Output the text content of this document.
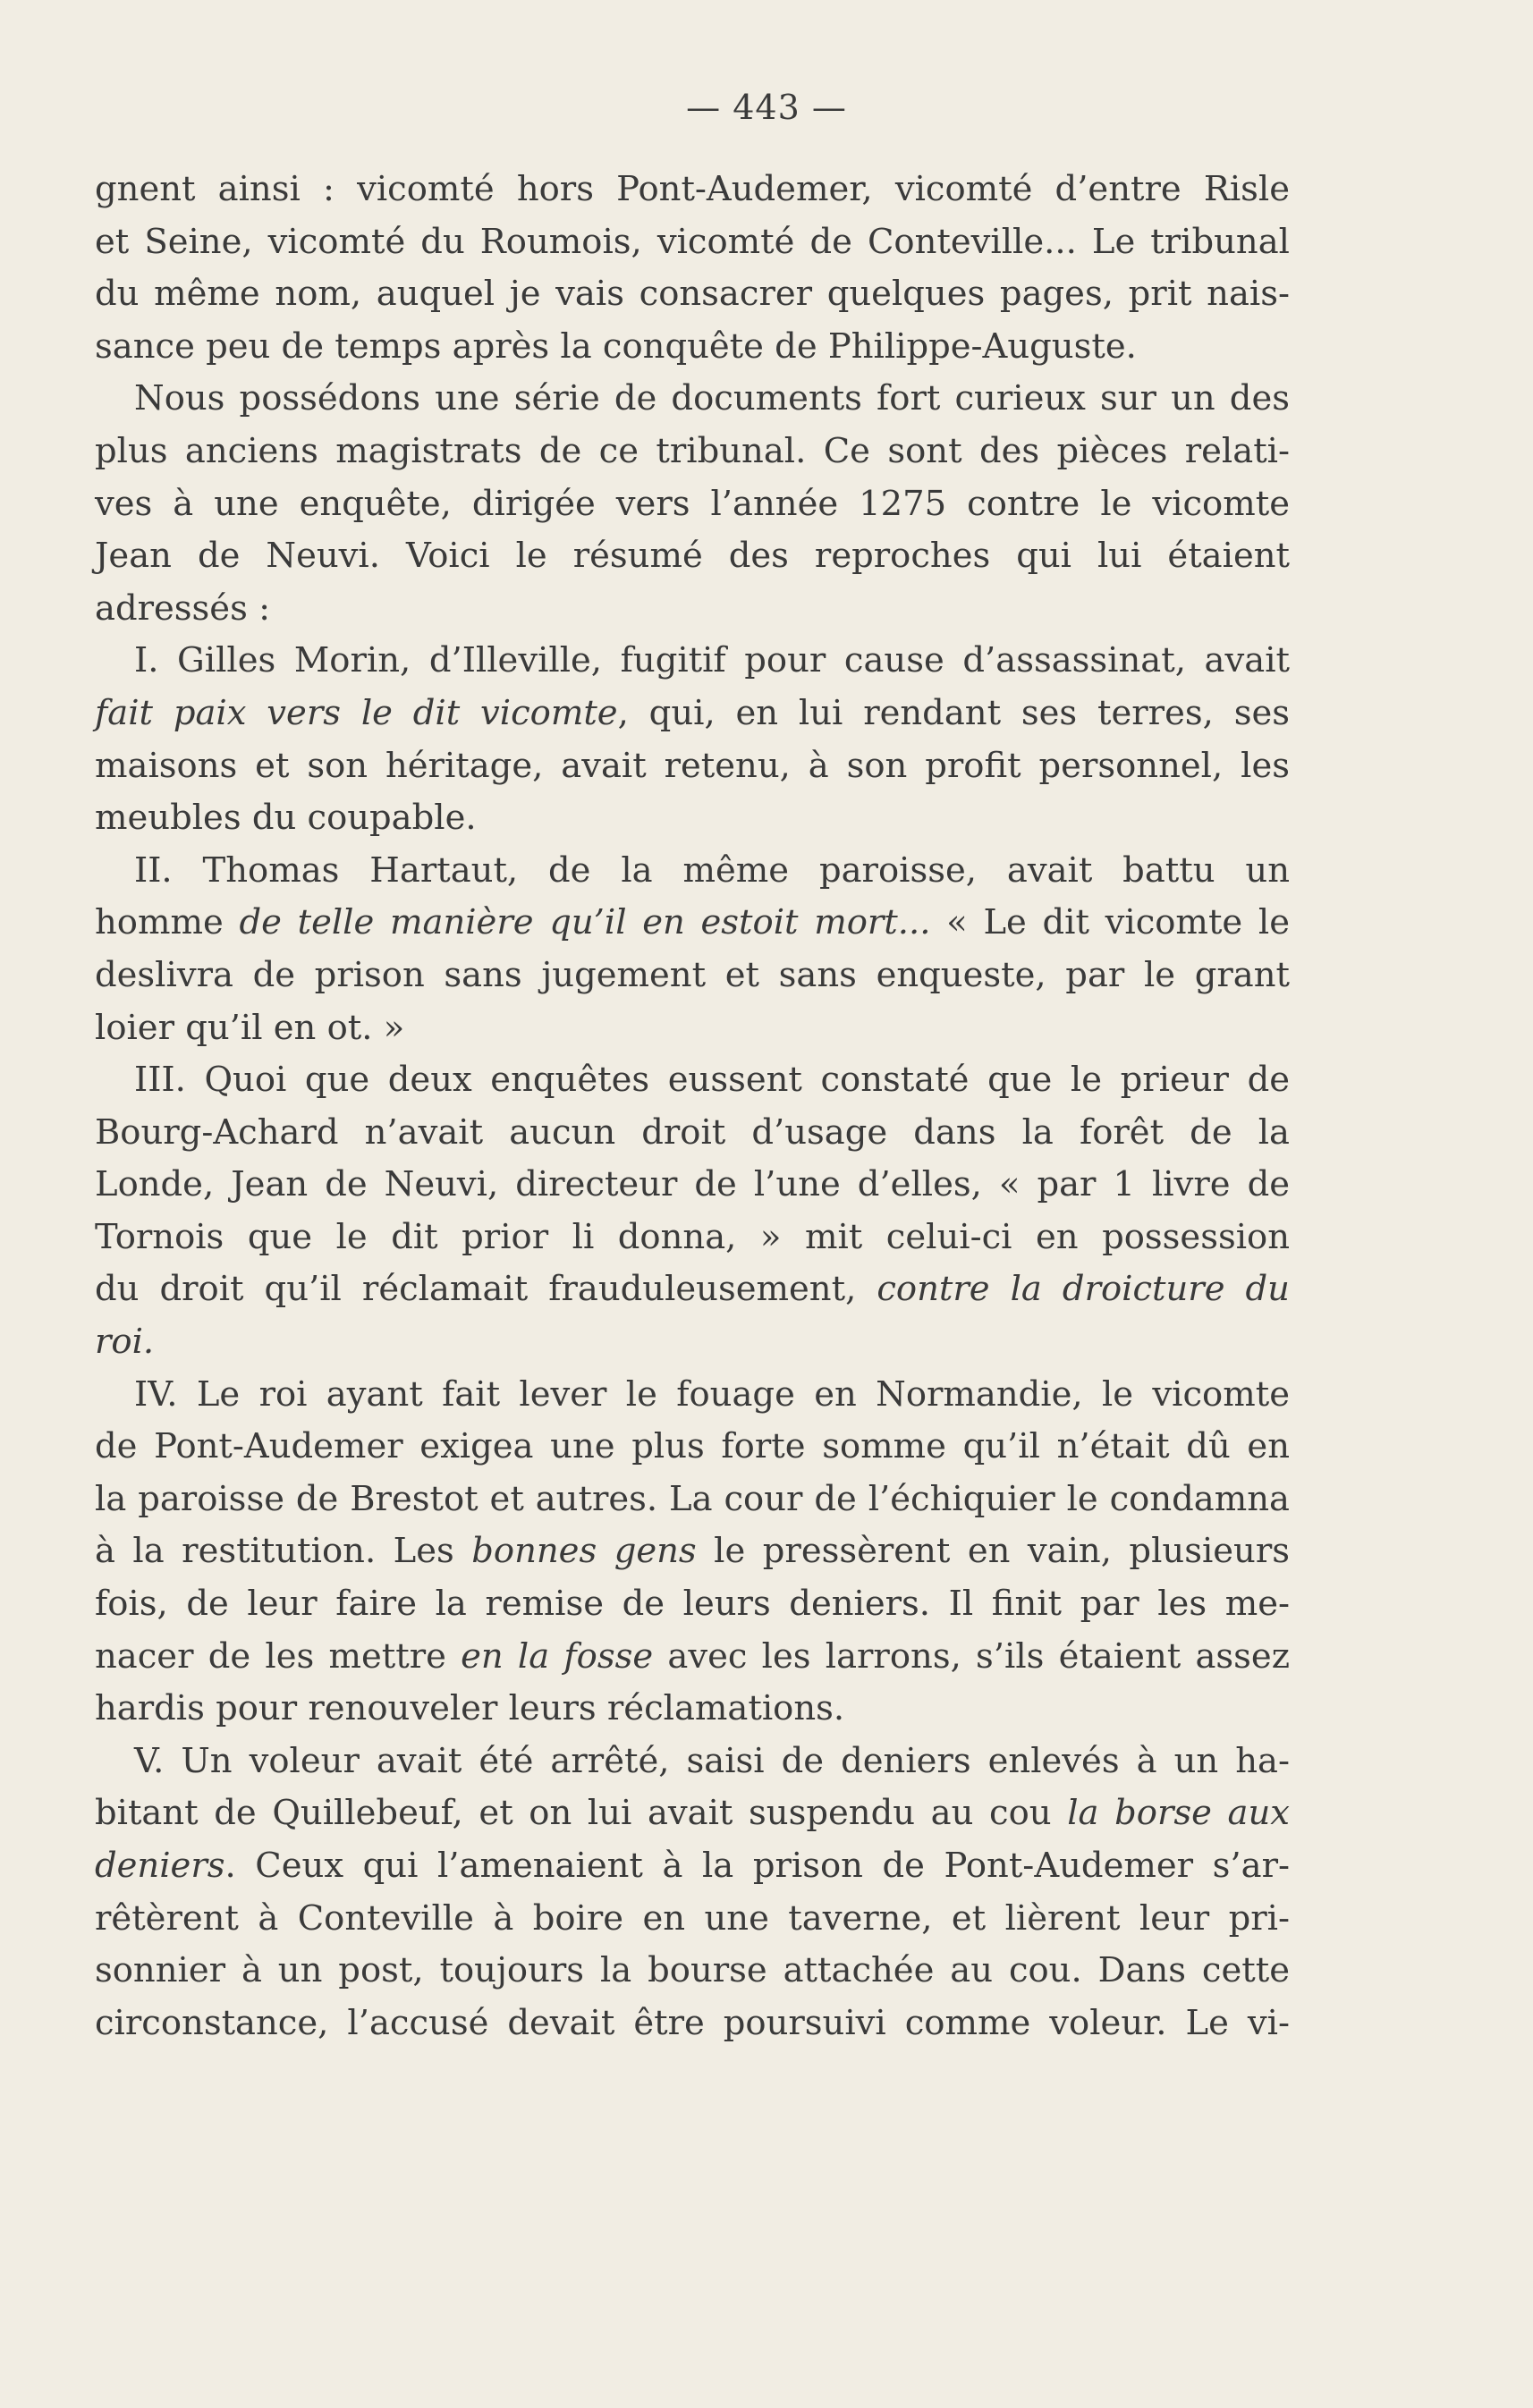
— 443 —
gnent ainsi : vicomté hors Pont-Audemer, vicomté d’entre Risle
et Seine, vicomté du Roumois, vicomté de Conteville... Le tribunal
du même nom, auquel je vais consacrer quelques pages, prit nais-
sance peu de temps après la conquête de Philippe-Auguste.
Nous possédons une série de documents fort curieux sur un des
plus anciens magistrats de ce tribunal. Ce sont des pièces relati-
ves à une enquête, dirigée vers l’année 1275 contre le vicomte
Jean de Neuvi. Voici le résumé des reproches qui lui étaient
adressés :
I. Gilles Morin, d’Illeville, fugitif pour cause d’assassinat, avait
fait paix vers le dit vicomte, qui, en lui rendant ses terres, ses
maisons et son héritage, avait retenu, à son profit personnel, les
meubles du coupable.
II. Thomas Hartaut, de la même paroisse, avait battu un
homme de telle manière qu’il en estoit mort... « Le dit vicomte le
deslivra de prison sans jugement et sans enqueste, par le grant
loier qu’il en ot. »
III. Quoi que deux enquêtes eussent constaté que le prieur de
Bourg-Achard n’avait aucun droit d’usage dans la forêt de la
Londe, Jean de Neuvi, directeur de l’une d’elles, « par 1 livre de
Tornois que le dit prior li donna, » mit celui-ci en possession
du droit qu’il réclamait frauduleusement, contre la droicture du
roi.
IV. Le roi ayant fait lever le fouage en Normandie, le vicomte
de Pont-Audemer exigea une plus forte somme qu’il n’était dû en
la paroisse de Brestot et autres. La cour de l’échiquier le condamna
à la restitution. Les bonnes gens le pressèrent en vain, plusieurs
fois, de leur faire la remise de leurs deniers. Il finit par les me-
nacer de les mettre en la fosse avec les larrons, s’ils étaient assez
hardis pour renouveler leurs réclamations.
V. Un voleur avait été arrêté, saisi de deniers enlevés à un ha-
bitant de Quillebeuf, et on lui avait suspendu au cou la borse aux
deniers. Ceux qui l’amenaient à la prison de Pont-Audemer s’ar-
rêtèrent à Conteville à boire en une taverne, et lièrent leur pri-
sonnier à un post, toujours la bourse attachée au cou. Dans cette
circonstance, l’accusé devait être poursuivi comme voleur. Le vi-
